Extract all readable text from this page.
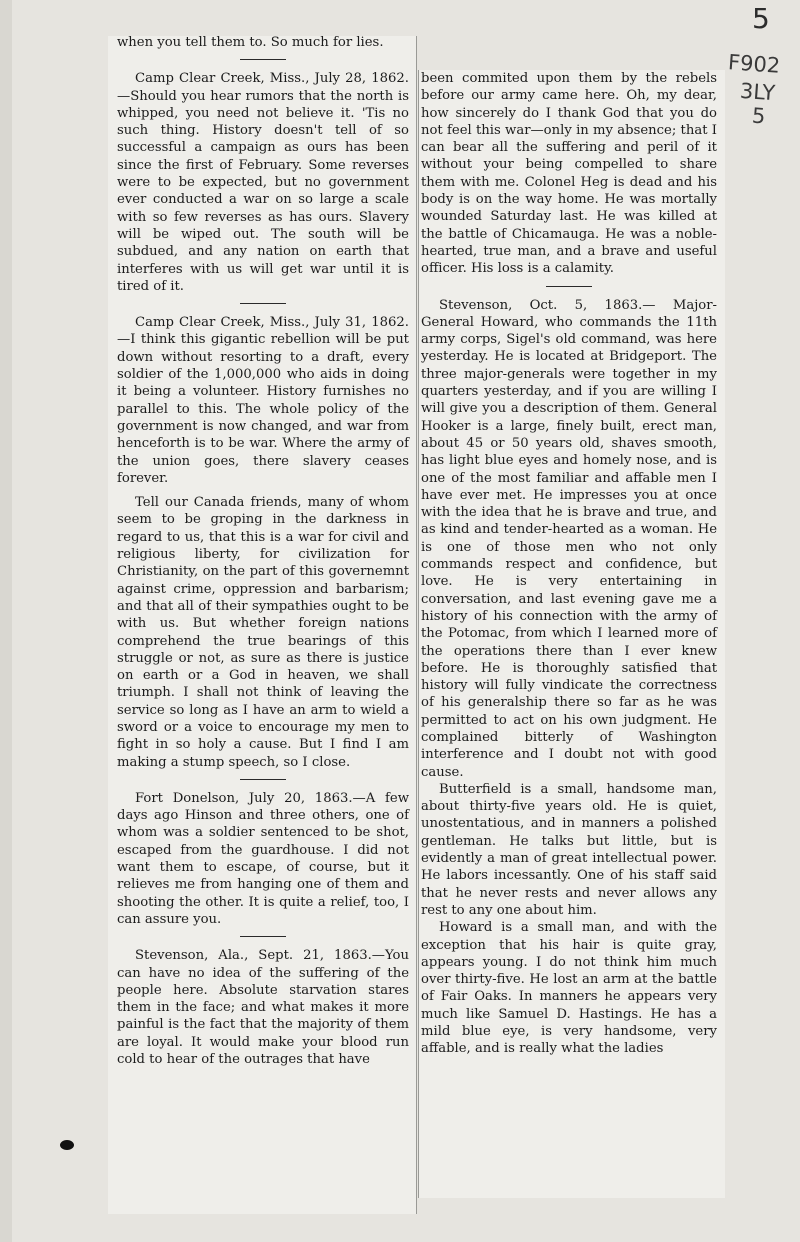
5
F902
3LY
5

when you tell them to. So much for lies.

Camp Clear Creek, Miss., July 28, 1862.—Should you hear rumors that the north is whipped, you need not believe it. 'Tis no such thing. History doesn't tell of so successful a campaign as ours has been since the first of February. Some reverses were to be expected, but no government ever conducted a war on so large a scale with so few reverses as has ours. Slavery will be wiped out. The south will be subdued, and any nation on earth that interferes with us will get war until it is tired of it.

Camp Clear Creek, Miss., July 31, 1862.—I think this gigantic rebellion will be put down without resorting to a draft, every soldier of the 1,000,000 who aids in doing it being a volunteer. History furnishes no parallel to this. The whole policy of the government is now changed, and war from henceforth is to be war. Where the army of the union goes, there slavery ceases forever.

Tell our Canada friends, many of whom seem to be groping in the darkness in regard to us, that this is a war for civil and religious liberty, for civilization for Christianity, on the part of this governemnt against crime, oppression and barbarism; and that all of their sympathies ought to be with us. But whether foreign nations comprehend the true bearings of this struggle or not, as sure as there is justice on earth or a God in heaven, we shall triumph. I shall not think of leaving the service so long as I have an arm to wield a sword or a voice to encourage my men to fight in so holy a cause. But I find I am making a stump speech, so I close.

Fort Donelson, July 20, 1863.—A few days ago Hinson and three others, one of whom was a soldier sentenced to be shot, escaped from the guardhouse. I did not want them to escape, of course, but it relieves me from hanging one of them and shooting the other. It is quite a relief, too, I can assure you.

Stevenson, Ala., Sept. 21, 1863.—You can have no idea of the suffering of the people here. Absolute starvation stares them in the face; and what makes it more painful is the fact that the majority of them are loyal. It would make your blood run cold to hear of the outrages that have

been commited upon them by the rebels before our army came here. Oh, my dear, how sincerely do I thank God that you do not feel this war—only in my absence; that I can bear all the suffering and peril of it without your being compelled to share them with me. Colonel Heg is dead and his body is on the way home. He was mortally wounded Saturday last. He was killed at the battle of Chicamauga. He was a noble-hearted, true man, and a brave and useful officer. His loss is a calamity.

Stevenson, Oct. 5, 1863.— Major-General Howard, who commands the 11th army corps, Sigel's old command, was here yesterday. He is located at Bridgeport. The three major-generals were together in my quarters yesterday, and if you are willing I will give you a description of them. General Hooker is a large, finely built, erect man, about 45 or 50 years old, shaves smooth, has light blue eyes and homely nose, and is one of the most familiar and affable men I have ever met. He impresses you at once with the idea that he is brave and true, and as kind and tender-hearted as a woman. He is one of those men who not only commands respect and confidence, but love. He is very entertaining in conversation, and last evening gave me a history of his connection with the army of the Potomac, from which I learned more of the operations there than I ever knew before. He is thoroughly satisfied that history will fully vindicate the correctness of his generalship there so far as he was permitted to act on his own judgment. He complained bitterly of Washington interference and I doubt not with good cause.

Butterfield is a small, handsome man, about thirty-five years old. He is quiet, unostentatious, and in manners a polished gentleman. He talks but little, but is evidently a man of great intellectual power. He labors incessantly. One of his staff said that he never rests and never allows any rest to any one about him.

Howard is a small man, and with the exception that his hair is quite gray, appears young. I do not think him much over thirty-five. He lost an arm at the battle of Fair Oaks. In manners he appears very much like Samuel D. Hastings. He has a mild blue eye, is very handsome, very affable, and is really what the ladies
